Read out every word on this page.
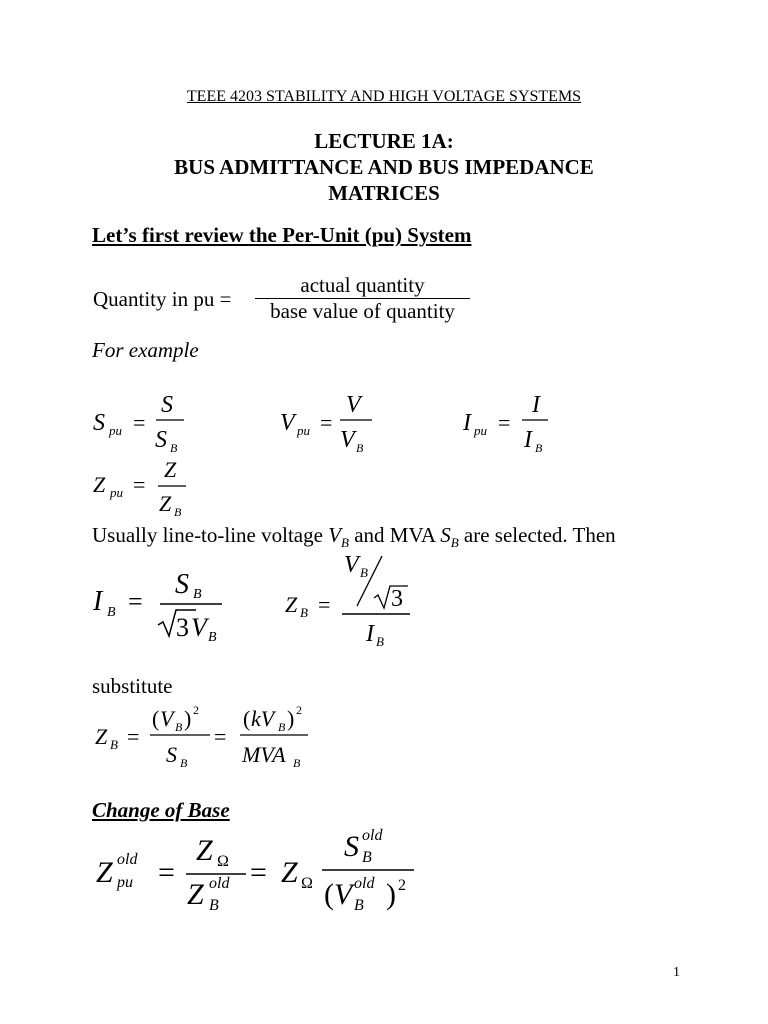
TEEE 4203 STABILITY AND HIGH VOLTAGE SYSTEMS
LECTURE 1A:
BUS ADMITTANCE AND BUS IMPEDANCE
MATRICES
Let’s first review the Per-Unit (pu) System
Quantity in pu =
actual quantity
base value of quantity
For example
S pu =
S
S B
V pu =
V
V B
I pu =
I
I B
Z pu =
Z
Z B
Usually line-to-line voltage $V_B$ and MVA $S_B$ are selected. Then
I B =
S B
3 V B
Z B =
V B
3
I B
substitute
Z B =
( V B ) 2
S B
=
( kV B ) 2
MVA B
Change of Base
Z old
pu =
Z Ω
Z old
B
= Z Ω
S old
B
( V old
B ) 2
1
